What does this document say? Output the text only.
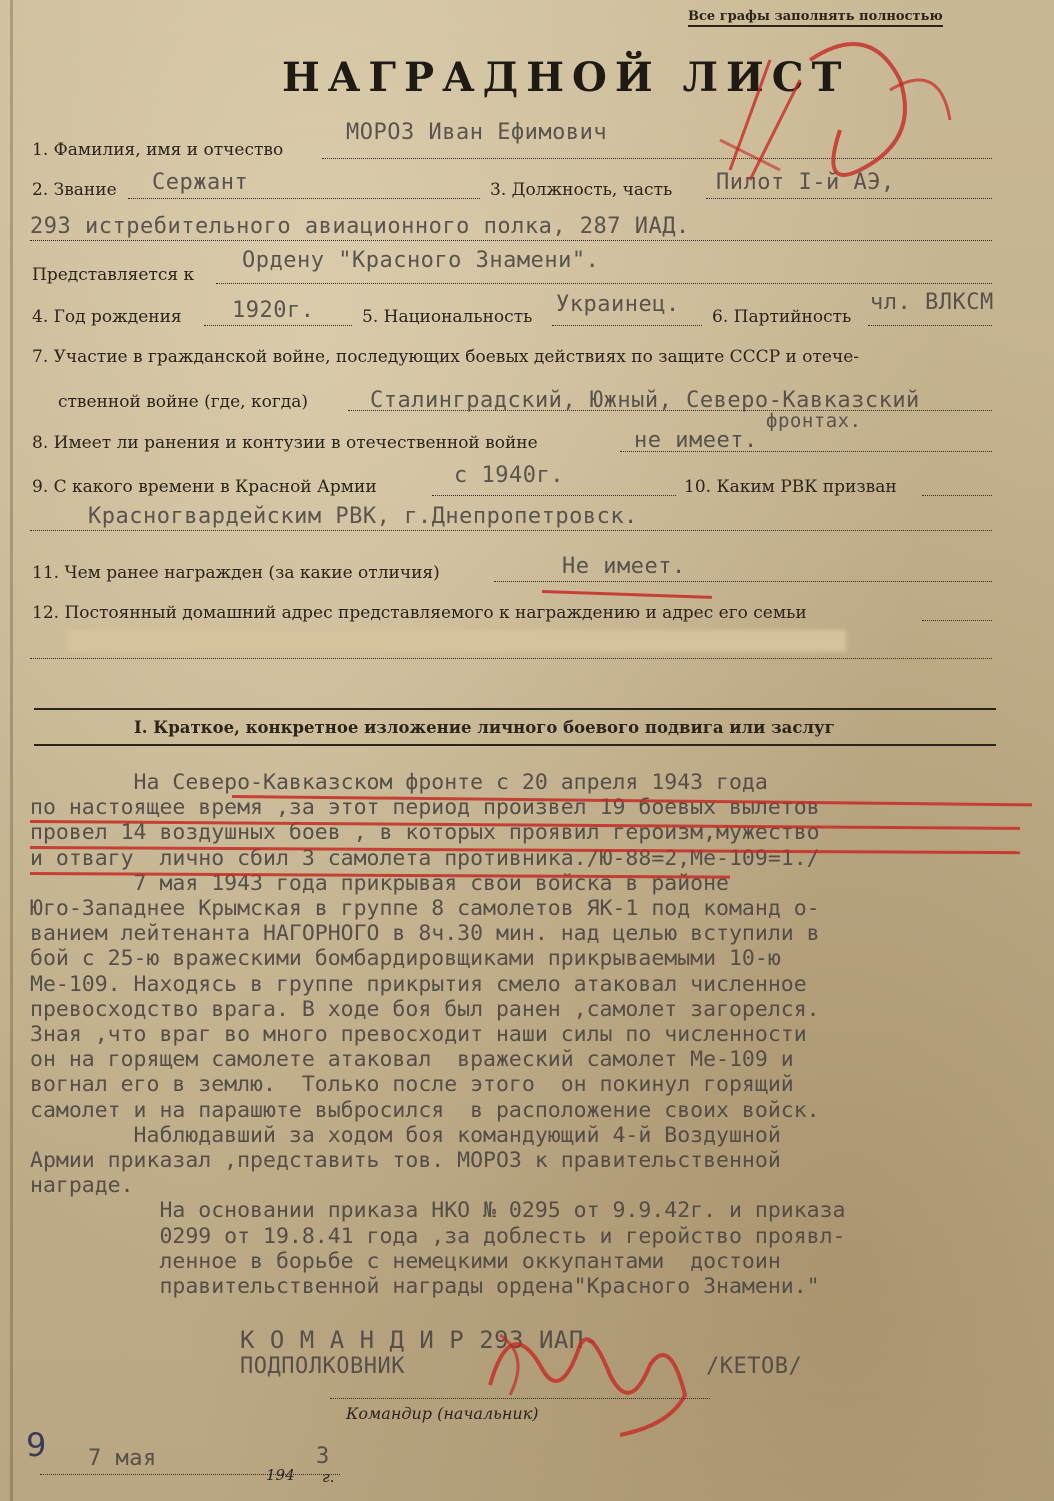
Все графы заполнять полностью
НАГРАДНОЙ ЛИСТ
1. Фамилия, имя и отчество
МОРОЗ Иван Ефимович
2. Звание Сержант	3. Должность, часть Пилот I-й АЭ,
293 истребительного авиационного полка, 287 ИАД.
Представляется к
Ордену "Красного Знамени".
4. Год рождения 1920г.	5. Национальность Украинец. 6. Партийность
чл. ВЛКСМ
7. Участие в гражданской войне, последующих боевых действиях по защите СССР и отече-
ственной войне (где, когда)	Сталинградский, Южный, Северо-Кавказский
фронтах.
8. Имеет ли ранения и контузии в отечественной войне	не имеет.
9. С какого времени в Красной Армии	с 1940г.	10. Каким РВК призван
Красногвардейским РВК, г.Днепропетровск.
11. Чем ранее награжден (за какие отличия)	Не имеет.
12. Постоянный домашний адрес представляемого к награждению и адрес его семьи
I. Краткое, конкретное изложение личного боевого подвига или заслуг
На Северо-Кавказском фронте с 20 апреля 1943 года
по настоящее время ,за этот период произвел 19 боевых вылетов
провел 14 воздушных боев , в которых проявил героизм,мужество
и отвагу  лично сбил 3 самолета противника./Ю-88=2,Ме-109=1./
7 мая 1943 года прикрывая свои войска в районе
Юго-Западнее Крымская в группе 8 самолетов ЯК-1 под команд о-
ванием лейтенанта НАГОРНОГО в 8ч.30 мин. над целью вступили в
бой с 25-ю вражескими бомбардировщиками прикрываемыми 10-ю
Ме-109. Находясь в группе прикрытия смело атаковал численное
превосходство врага. В ходе боя был ранен ,самолет загорелся.
Зная ,что враг во много превосходит наши силы по численности
он на горящем самолете атаковал  вражеский самолет Ме-109 и
вогнал его в землю.  Только после этого  он покинул горящий
самолет и на парашюте выбросился  в расположение своих войск.
Наблюдавший за ходом боя командующий 4-й Воздушной
Армии приказал ,представить тов. МОРОЗ к правительственной
награде.
На основании приказа НКО № 0295 от 9.9.42г. и приказа
0299 от 19.8.41 года ,за доблесть и геройство проявл-
ленное в борьбе с немецкими оккупантами  достоин
правительственной награды ордена"Красного Знамени."
К О М А Н Д И Р 293 ИАП-
ПОДПОЛКОВНИК	/КЕТОВ/
Командир (начальник)
7 мая
194
3
г.
9
